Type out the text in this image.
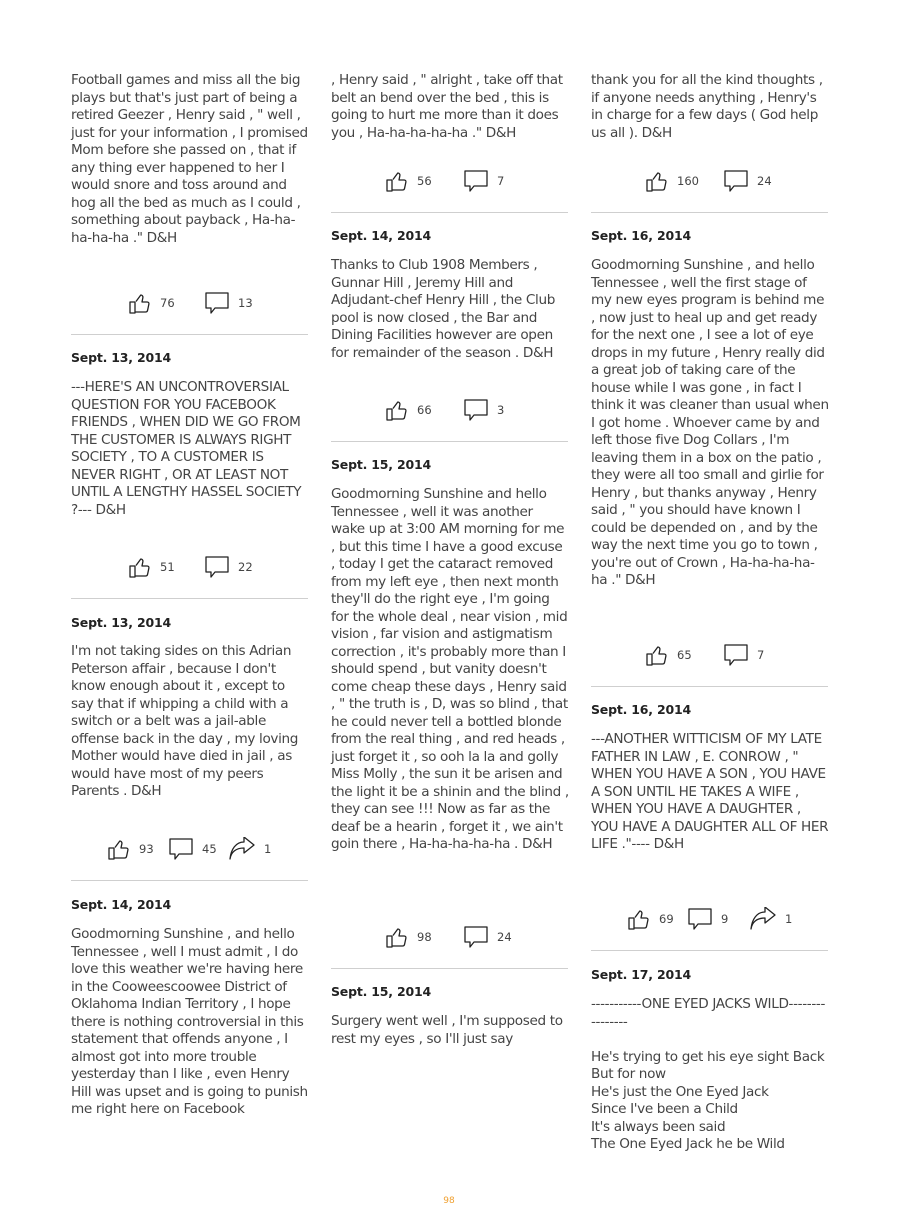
Football games and miss all the big plays but that's just part of being a retired Geezer , Henry said , " well , just for your information , I promised Mom before she passed on , that if any thing ever happened to her I would snore and toss around and hog all the bed as much as I could , something about payback , Ha-ha-ha-ha-ha ." D&H
76	13
Sept. 13, 2014
---HERE'S AN UNCONTROVERSIAL QUESTION FOR YOU FACEBOOK FRIENDS , WHEN DID WE GO FROM THE CUSTOMER IS ALWAYS RIGHT SOCIETY , TO A CUSTOMER IS NEVER RIGHT , OR AT LEAST NOT UNTIL A LENGTHY HASSEL SOCIETY ?--- D&H
51	22
Sept. 13, 2014
I'm not taking sides on this Adrian Peterson affair , because I don't know enough about it , except to say that if whipping a child with a switch or a belt was a jail-able offense back in the day , my loving Mother would have died in jail , as would have most of my peers Parents . D&H
93	45	1
Sept. 14, 2014
Goodmorning Sunshine , and hello Tennessee , well I must admit , I do love this weather we're having here in the Cooweescoowee District of Oklahoma Indian Territory , I hope there is nothing controversial in this statement that offends anyone , I almost got into more trouble yesterday than I like , even Henry Hill was upset and is going to punish me right here on Facebook
, Henry said , " alright , take off that belt an bend over the bed , this is going to hurt me more than it does you , Ha-ha-ha-ha-ha ." D&H
56	7
Sept. 14, 2014
Thanks to Club 1908 Members , Gunnar Hill , Jeremy Hill and Adjudant-chef Henry Hill , the Club pool is now closed , the Bar and Dining Facilities however are open for remainder of the season . D&H
66	3
Sept. 15, 2014
Goodmorning Sunshine and hello Tennessee , well it was another wake up at 3:00 AM morning for me , but this time I have a good excuse , today I get the cataract removed from my left eye , then next month they'll do the right eye , I'm going for the whole deal , near vision , mid vision , far vision and astigmatism correction , it's probably more than I should spend , but vanity doesn't come cheap these days , Henry said , " the truth is , D, was so blind , that he could never tell a bottled blonde from the real thing , and red heads , just forget it , so ooh la la and golly Miss Molly , the sun it be arisen and the light it be a shinin and the blind , they can see !!! Now as far as the deaf be a hearin , forget it , we ain't goin there , Ha-ha-ha-ha-ha . D&H
98	24
Sept. 15, 2014
Surgery went well , I'm supposed to rest my eyes , so I'll just say
thank you for all the kind thoughts , if anyone needs anything , Henry's in charge for a few days ( God help us all ). D&H
160	24
Sept. 16, 2014
Goodmorning Sunshine , and hello Tennessee , well the first stage of my new eyes program is behind me , now just to heal up and get ready for the next one , I see a lot of eye drops in my future , Henry really did a great job of taking care of the house while I was gone , in fact I think it was cleaner than usual when I got home . Whoever came by and left those five Dog Collars , I'm leaving them in a box on the patio , they were all too small and girlie for Henry , but thanks anyway , Henry said , " you should have known I could be depended on , and by the way the next time you go to town , you're out of Crown , Ha-ha-ha-ha-ha ." D&H
65	7
Sept. 16, 2014
---ANOTHER WITTICISM OF MY LATE FATHER IN LAW , E. CONROW , " WHEN YOU HAVE A SON , YOU HAVE A SON UNTIL HE TAKES A WIFE , WHEN YOU HAVE A DAUGHTER , YOU HAVE A DAUGHTER ALL OF HER LIFE ."---- D&H
69	9	1
Sept. 17, 2014
-----------ONE EYED JACKS WILD----------------

He's trying to get his eye sight Back
But for now
He's just the One Eyed Jack
Since I've been a Child
It's always been said
The One Eyed Jack he be Wild
98
